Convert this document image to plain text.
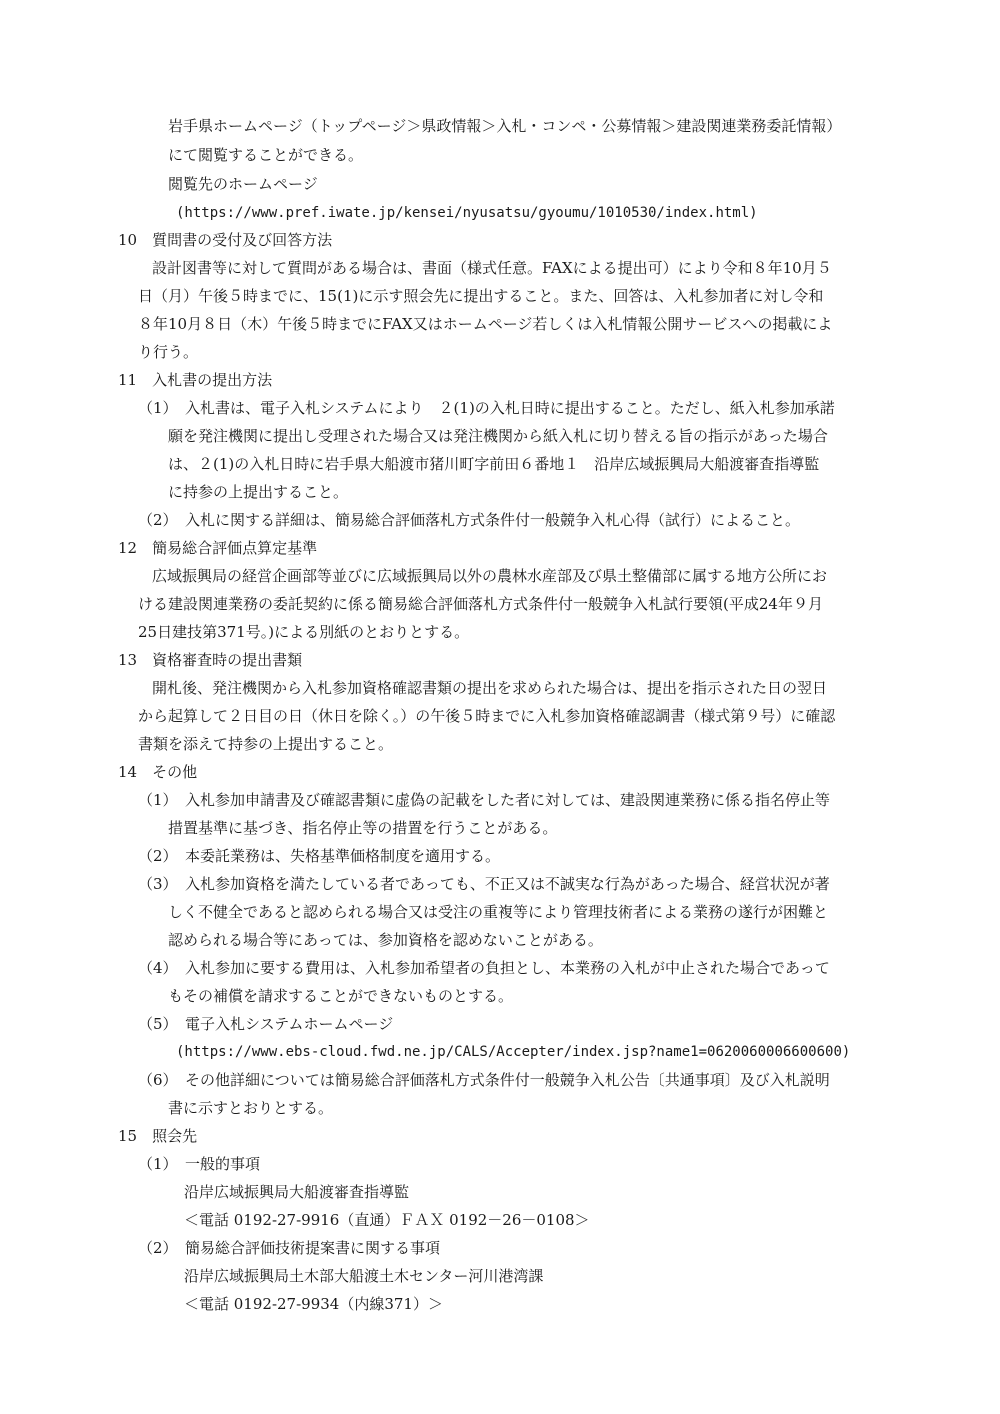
岩手県ホームページ（トップページ＞県政情報＞入札・コンペ・公募情報＞建設関連業務委託情報）
にて閲覧することができる。
閲覧先のホームページ
(https://www.pref.iwate.jp/kensei/nyusatsu/gyoumu/1010530/index.html)
10　質問書の受付及び回答方法
設計図書等に対して質問がある場合は、書面（様式任意。FAXによる提出可）により令和８年10月５
日（月）午後５時までに、15(1)に示す照会先に提出すること。また、回答は、入札参加者に対し令和
８年10月８日（木）午後５時までにFAX又はホームページ若しくは入札情報公開サービスへの掲載によ
り行う。
11　入札書の提出方法
（1）　入札書は、電子入札システムにより　２(1)の入札日時に提出すること。ただし、紙入札参加承諾
願を発注機関に提出し受理された場合又は発注機関から紙入札に切り替える旨の指示があった場合
は、２(1)の入札日時に岩手県大船渡市猪川町字前田６番地１　沿岸広域振興局大船渡審査指導監
に持参の上提出すること。
（2）　入札に関する詳細は、簡易総合評価落札方式条件付一般競争入札心得（試行）によること。
12　簡易総合評価点算定基準
広域振興局の経営企画部等並びに広域振興局以外の農林水産部及び県土整備部に属する地方公所にお
ける建設関連業務の委託契約に係る簡易総合評価落札方式条件付一般競争入札試行要領(平成24年９月
25日建技第371号。)による別紙のとおりとする。
13　資格審査時の提出書類
開札後、発注機関から入札参加資格確認書類の提出を求められた場合は、提出を指示された日の翌日
から起算して２日目の日（休日を除く。）の午後５時までに入札参加資格確認調書（様式第９号）に確認
書類を添えて持参の上提出すること。
14　その他
（1）　入札参加申請書及び確認書類に虚偽の記載をした者に対しては、建設関連業務に係る指名停止等
措置基準に基づき、指名停止等の措置を行うことがある。
（2）　本委託業務は、失格基準価格制度を適用する。
（3）　入札参加資格を満たしている者であっても、不正又は不誠実な行為があった場合、経営状況が著
しく不健全であると認められる場合又は受注の重複等により管理技術者による業務の遂行が困難と
認められる場合等にあっては、参加資格を認めないことがある。
（4）　入札参加に要する費用は、入札参加希望者の負担とし、本業務の入札が中止された場合であって
もその補償を請求することができないものとする。
（5）　電子入札システムホームページ
(https://www.ebs-cloud.fwd.ne.jp/CALS/Accepter/index.jsp?name1=0620060006600600)
（6）　その他詳細については簡易総合評価落札方式条件付一般競争入札公告〔共通事項〕及び入札説明
書に示すとおりとする。
15　照会先
（1）　一般的事項
沿岸広域振興局大船渡審査指導監
＜電話 0192-27-9916（直通）ＦＡＸ 0192－26－0108＞
（2）　簡易総合評価技術提案書に関する事項
沿岸広域振興局土木部大船渡土木センター河川港湾課
＜電話 0192-27-9934（内線371）＞
